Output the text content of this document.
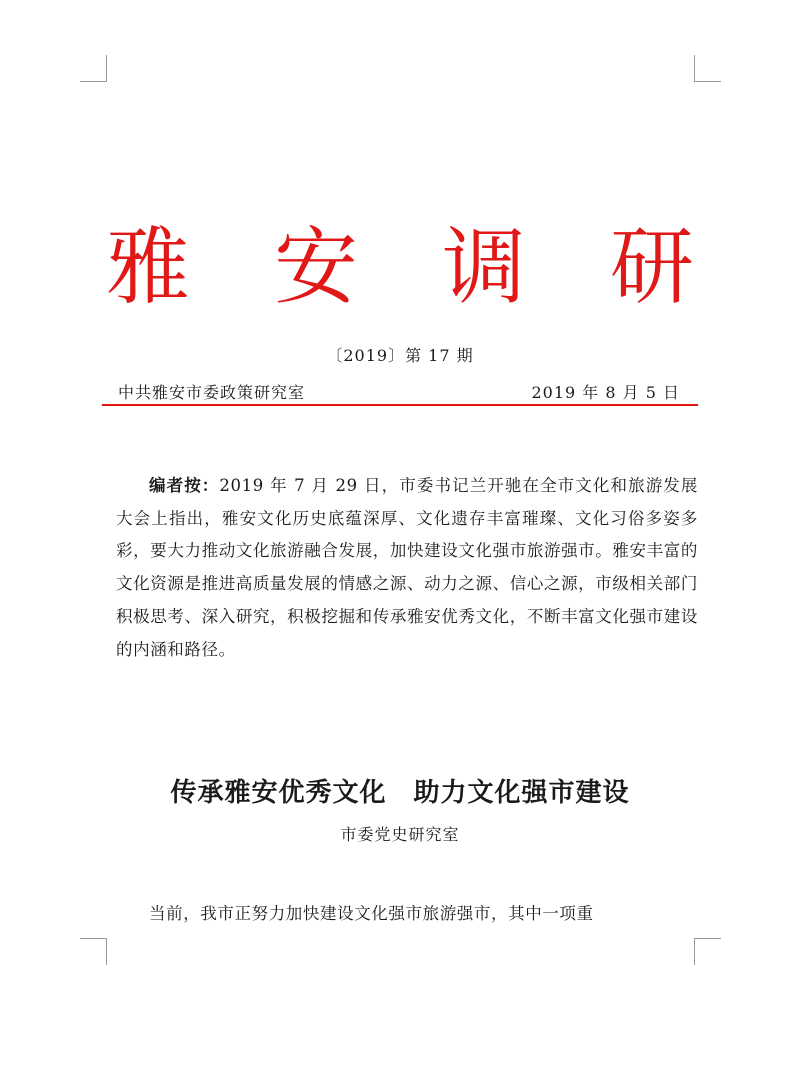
雅 安 调 研
〔2019〕第 17 期
中共雅安市委政策研究室	2019 年 8 月 5 日
编者按：2019 年 7 月 29 日，市委书记兰开驰在全市文化和旅游发展大会上指出，雅安文化历史底蕴深厚、文化遗存丰富璀璨、文化习俗多姿多彩，要大力推动文化旅游融合发展，加快建设文化强市旅游强市。雅安丰富的文化资源是推进高质量发展的情感之源、动力之源、信心之源，市级相关部门积极思考、深入研究，积极挖掘和传承雅安优秀文化，不断丰富文化强市建设的内涵和路径。
传承雅安优秀文化　助力文化强市建设
市委党史研究室
当前，我市正努力加快建设文化强市旅游强市，其中一项重
